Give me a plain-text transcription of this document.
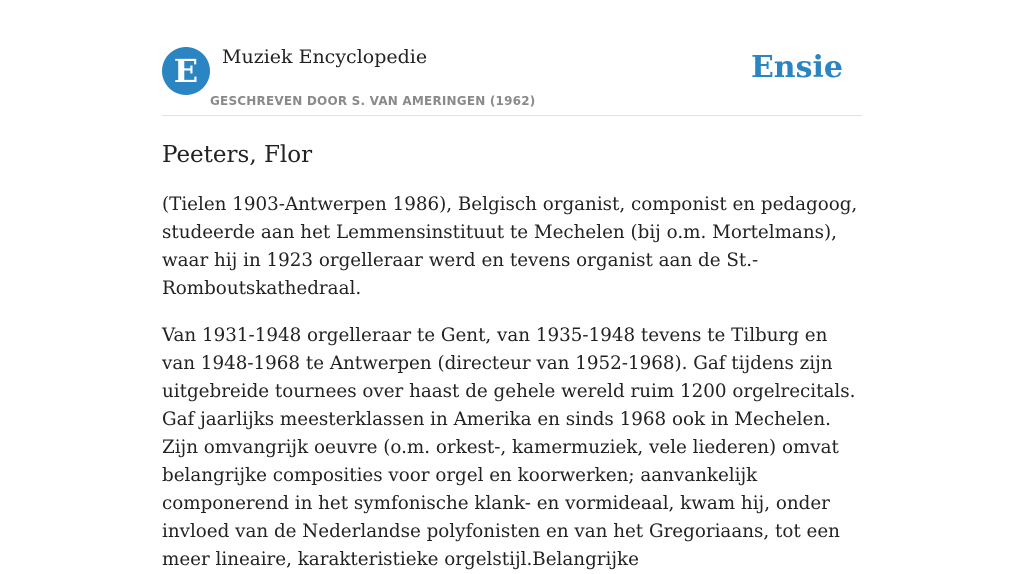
E	Muziek Encyclopedie
GESCHREVEN DOOR S. VAN AMERINGEN (1962)
Ensie
Peeters, Flor

(Tielen 1903-Antwerpen 1986), Belgisch organist, componist en pedagoog, studeerde aan het Lemmensinstituut te Mechelen (bij o.m. Mortelmans), waar hij in 1923 orgelleraar werd en tevens organist aan de St.-Romboutskathedraal.

Van 1931-1948 orgelleraar te Gent, van 1935-1948 tevens te Tilburg en van 1948-1968 te Antwerpen (directeur van 1952-1968). Gaf tijdens zijn uitgebreide tournees over haast de gehele wereld ruim 1200 orgelrecitals. Gaf jaarlijks meesterklassen in Amerika en sinds 1968 ook in Mechelen. Zijn omvangrijk oeuvre (o.m. orkest-, kamermuziek, vele liederen) omvat belangrijke composities voor orgel en koorwerken; aanvankelijk componerend in het symfonische klank- en vormideaal, kwam hij, onder invloed van de Nederlandse polyfonisten en van het Gregoriaans, tot een meer lineaire, karakteristieke orgelstijl.Belangrijke
